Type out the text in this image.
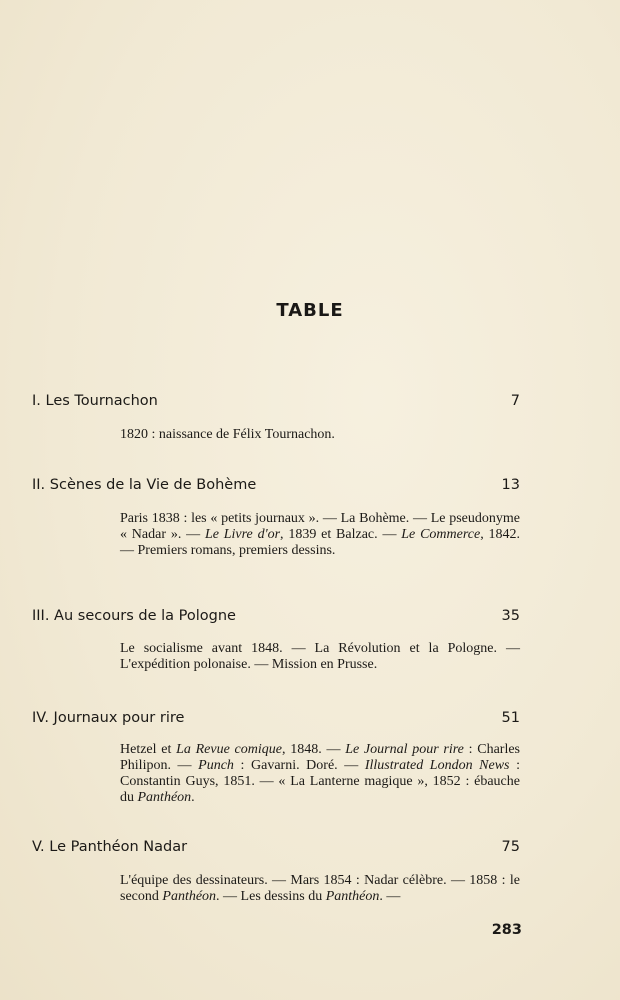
TABLE
I. Les Tournachon	7
1820 : naissance de Félix Tournachon.
II. Scènes de la Vie de Bohème	13
Paris 1838 : les « petits journaux ». — La Bohème. — Le pseudonyme « Nadar ». — Le Livre d'or, 1839 et Balzac. — Le Commerce, 1842. — Premiers romans, premiers dessins.
III. Au secours de la Pologne	35
Le socialisme avant 1848. — La Révolution et la Pologne. — L'expédition polonaise. — Mission en Prusse.
IV. Journaux pour rire	51
Hetzel et La Revue comique, 1848. — Le Journal pour rire : Charles Philipon. — Punch : Gavarni. Doré. — Illustrated London News : Constantin Guys, 1851. — « La Lanterne magique », 1852 : ébauche du Panthéon.
V. Le Panthéon Nadar	75
L'équipe des dessinateurs. — Mars 1854 : Nadar célèbre. — 1858 : le second Panthéon. — Les dessins du Panthéon. —
283
